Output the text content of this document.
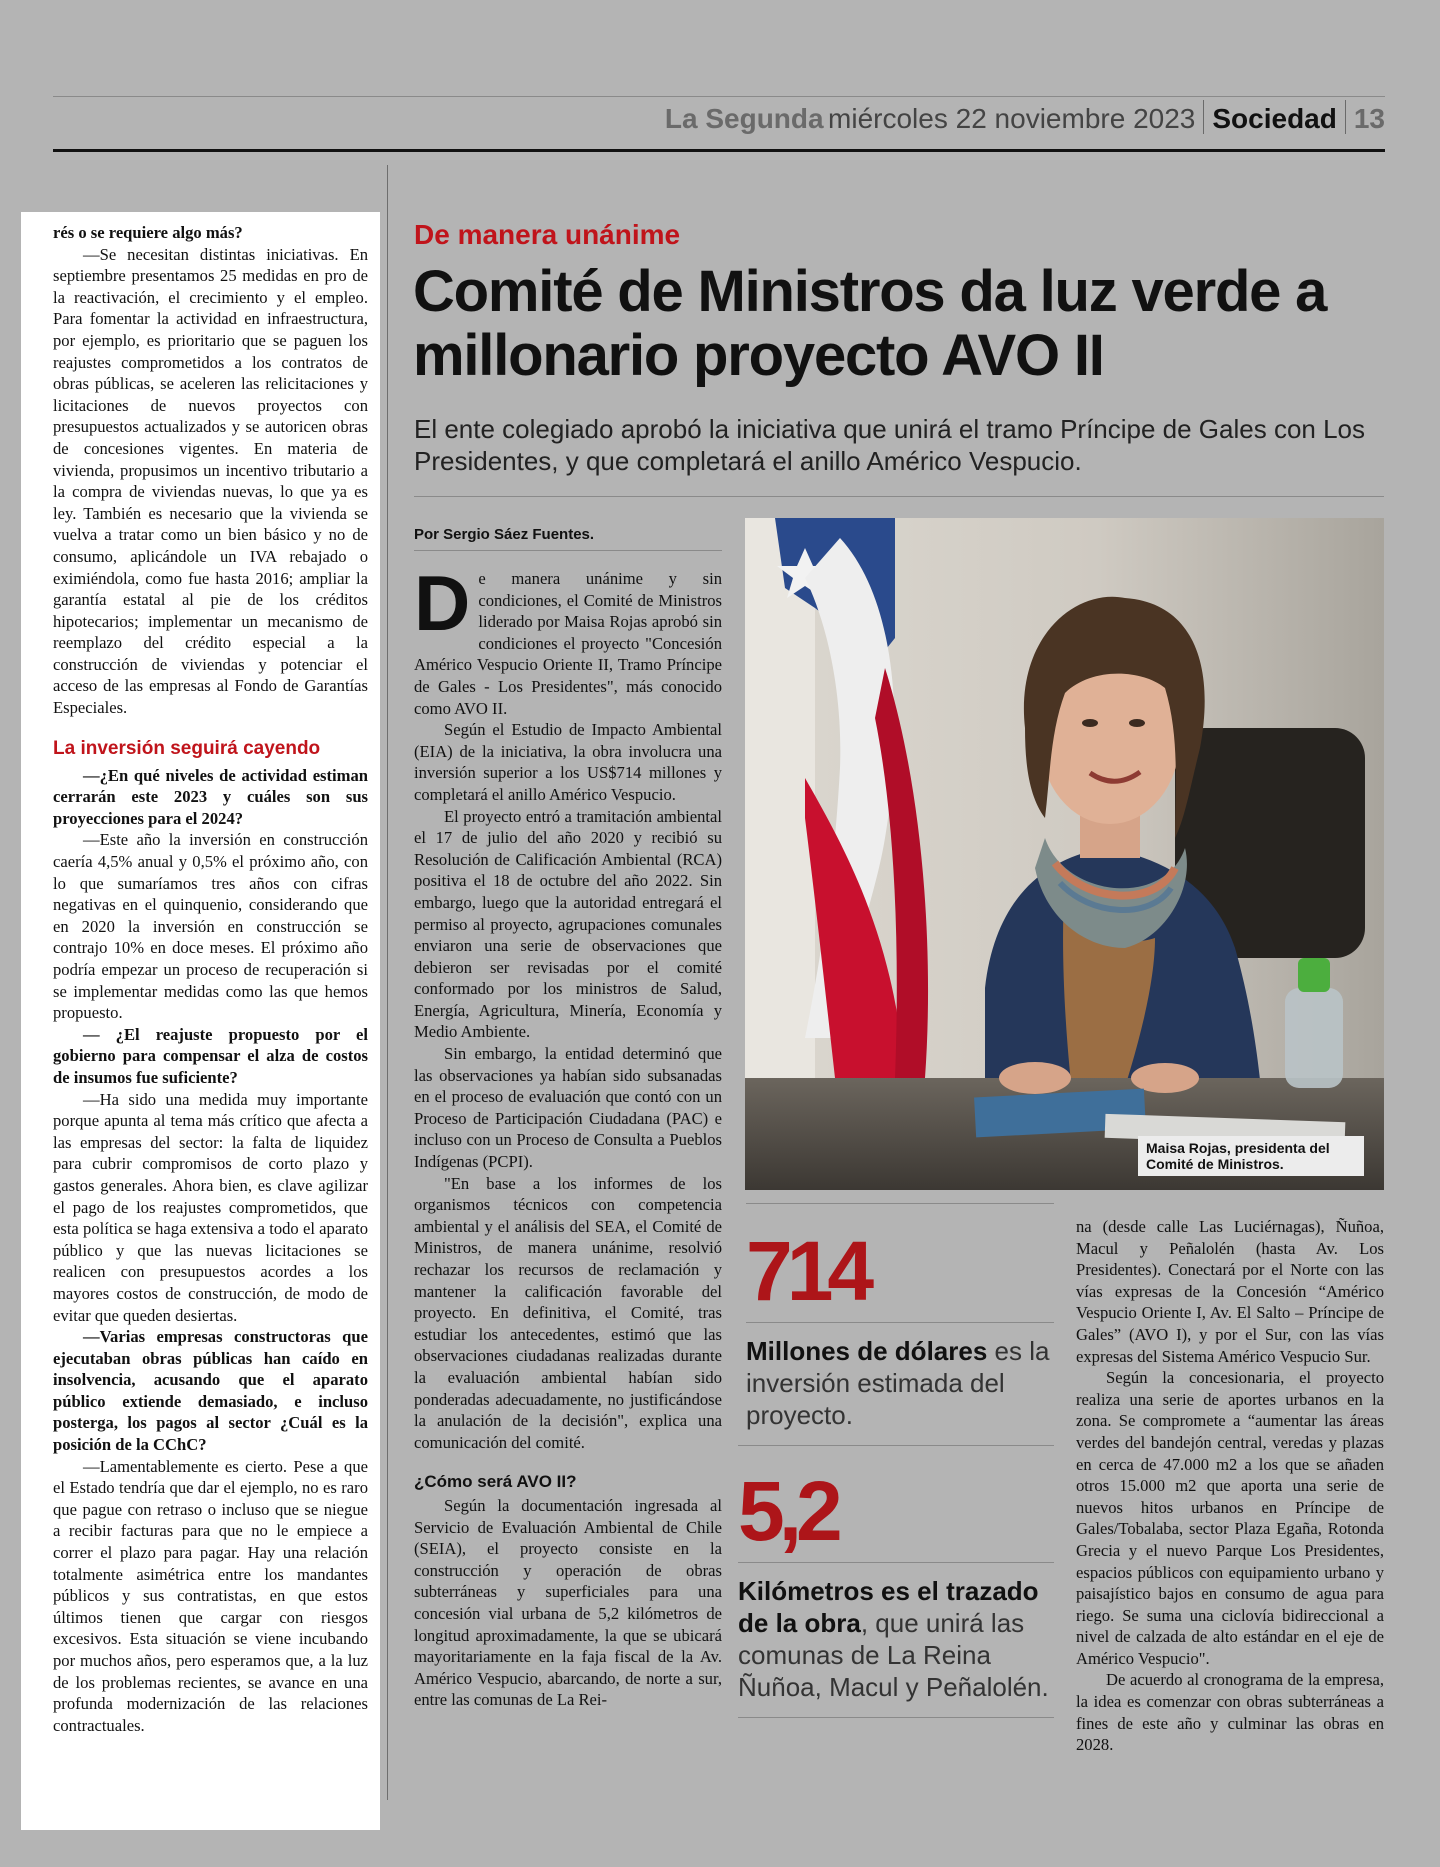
La Segunda miércoles 22 noviembre 2023 Sociedad 13

rés o se requiere algo más?

—Se necesitan distintas iniciativas. En septiembre presentamos 25 medidas en pro de la reactivación, el crecimiento y el empleo. Para fomentar la actividad en infraestructura, por ejemplo, es prioritario que se paguen los reajustes comprometidos a los contratos de obras públicas, se aceleren las relicitaciones y licitaciones de nuevos proyectos con presupuestos actualizados y se autoricen obras de concesiones vigentes. En materia de vivienda, propusimos un incentivo tributario a la compra de viviendas nuevas, lo que ya es ley. También es necesario que la vivienda se vuelva a tratar como un bien básico y no de consumo, aplicándole un IVA rebajado o eximiéndola, como fue hasta 2016; ampliar la garantía estatal al pie de los créditos hipotecarios; implementar un mecanismo de reemplazo del crédito especial a la construcción de viviendas y potenciar el acceso de las empresas al Fondo de Garantías Especiales.

La inversión seguirá cayendo

—¿En qué niveles de actividad estiman cerrarán este 2023 y cuáles son sus proyecciones para el 2024?

—Este año la inversión en construcción caería 4,5% anual y 0,5% el próximo año, con lo que sumaríamos tres años con cifras negativas en el quinquenio, considerando que en 2020 la inversión en construcción se contrajo 10% en doce meses. El próximo año podría empezar un proceso de recuperación si se implementar medidas como las que hemos propuesto.

— ¿El reajuste propuesto por el gobierno para compensar el alza de costos de insumos fue suficiente?

—Ha sido una medida muy importante porque apunta al tema más crítico que afecta a las empresas del sector: la falta de liquidez para cubrir compromisos de corto plazo y gastos generales. Ahora bien, es clave agilizar el pago de los reajustes comprometidos, que esta política se haga extensiva a todo el aparato público y que las nuevas licitaciones se realicen con presupuestos acordes a los mayores costos de construcción, de modo de evitar que queden desiertas.

—Varias empresas constructoras que ejecutaban obras públicas han caído en insolvencia, acusando que el aparato público extiende demasiado, e incluso posterga, los pagos al sector ¿Cuál es la posición de la CChC?

—Lamentablemente es cierto. Pese a que el Estado tendría que dar el ejemplo, no es raro que pague con retraso o incluso que se niegue a recibir facturas para que no le empiece a correr el plazo para pagar. Hay una relación totalmente asimétrica entre los mandantes públicos y sus contratistas, en que estos últimos tienen que cargar con riesgos excesivos. Esta situación se viene incubando por muchos años, pero esperamos que, a la luz de los problemas recientes, se avance en una profunda modernización de las relaciones contractuales.

De manera unánime
Comité de Ministros da luz verde a millonario proyecto AVO II
El ente colegiado aprobó la iniciativa que unirá el tramo Príncipe de Gales con Los Presidentes, y que completará el anillo Américo Vespucio.
Por Sergio Sáez Fuentes.

De manera unánime y sin condiciones, el Comité de Ministros liderado por Maisa Rojas aprobó sin condiciones el proyecto "Concesión Américo Vespucio Oriente II, Tramo Príncipe de Gales - Los Presidentes", más conocido como AVO II.

Según el Estudio de Impacto Ambiental (EIA) de la iniciativa, la obra involucra una inversión superior a los US$714 millones y completará el anillo Américo Vespucio.

El proyecto entró a tramitación ambiental el 17 de julio del año 2020 y recibió su Resolución de Calificación Ambiental (RCA) positiva el 18 de octubre del año 2022. Sin embargo, luego que la autoridad entregará el permiso al proyecto, agrupaciones comunales enviaron una serie de observaciones que debieron ser revisadas por el comité conformado por los ministros de Salud, Energía, Agricultura, Minería, Economía y Medio Ambiente.

Sin embargo, la entidad determinó que las observaciones ya habían sido subsanadas en el proceso de evaluación que contó con un Proceso de Participación Ciudadana (PAC) e incluso con un Proceso de Consulta a Pueblos Indígenas (PCPI).

"En base a los informes de los organismos técnicos con competencia ambiental y el análisis del SEA, el Comité de Ministros, de manera unánime, resolvió rechazar los recursos de reclamación y mantener la calificación favorable del proyecto. En definitiva, el Comité, tras estudiar los antecedentes, estimó que las observaciones ciudadanas realizadas durante la evaluación ambiental habían sido ponderadas adecuadamente, no justificándose la anulación de la decisión", explica una comunicación del comité.

¿Cómo será AVO II?

Según la documentación ingresada al Servicio de Evaluación Ambiental de Chile (SEIA), el proyecto consiste en la construcción y operación de obras subterráneas y superficiales para una concesión vial urbana de 5,2 kilómetros de longitud aproximadamente, la que se ubicará mayoritariamente en la faja fiscal de la Av. Américo Vespucio, abarcando, de norte a sur, entre las comunas de La Rei-

Maisa Rojas, presidenta del Comité de Ministros.
714
Millones de dólares es la inversión estimada del proyecto.
5,2
Kilómetros es el trazado de la obra, que unirá las comunas de La Reina Ñuñoa, Macul y Peñalolén.

na (desde calle Las Luciérnagas), Ñuñoa, Macul y Peñalolén (hasta Av. Los Presidentes). Conectará por el Norte con las vías expresas de la Concesión “Américo Vespucio Oriente I, Av. El Salto – Príncipe de Gales” (AVO I), y por el Sur, con las vías expresas del Sistema Américo Vespucio Sur.

Según la concesionaria, el proyecto realiza una serie de aportes urbanos en la zona. Se compromete a “aumentar las áreas verdes del bandejón central, veredas y plazas en cerca de 47.000 m2 a los que se añaden otros 15.000 m2 que aporta una serie de nuevos hitos urbanos en Príncipe de Gales/Tobalaba, sector Plaza Egaña, Rotonda Grecia y el nuevo Parque Los Presidentes, espacios públicos con equipamiento urbano y paisajístico bajos en consumo de agua para riego. Se suma una ciclovía bidireccional a nivel de calzada de alto estándar en el eje de Américo Vespucio".

De acuerdo al cronograma de la empresa, la idea es comenzar con obras subterráneas a fines de este año y culminar las obras en 2028.
